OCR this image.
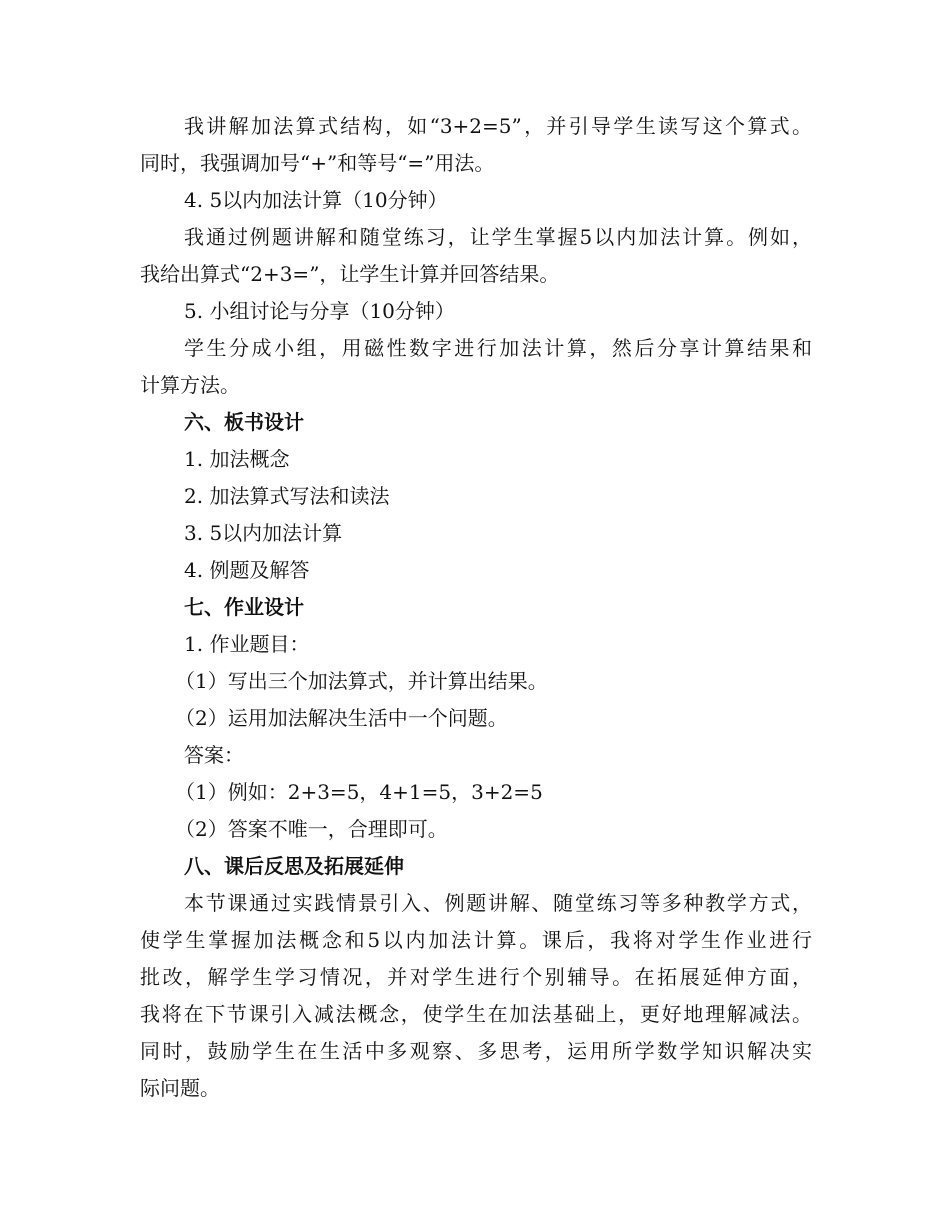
我讲解加法算式结构，如“3+2=5”，并引导学生读写这个算式。
同时，我强调加号“+”和等号“=”用法。
4. 5以内加法计算（10分钟）
我通过例题讲解和随堂练习，让学生掌握5以内加法计算。例如，
我给出算式“2+3=”，让学生计算并回答结果。
5. 小组讨论与分享（10分钟）
学生分成小组，用磁性数字进行加法计算，然后分享计算结果和
计算方法。
六、板书设计
1. 加法概念
2. 加法算式写法和读法
3. 5以内加法计算
4. 例题及解答
七、作业设计
1. 作业题目：
（1）写出三个加法算式，并计算出结果。
（2）运用加法解决生活中一个问题。
答案：
（1）例如：2+3=5，4+1=5，3+2=5
（2）答案不唯一，合理即可。
八、课后反思及拓展延伸
本节课通过实践情景引入、例题讲解、随堂练习等多种教学方式，
使学生掌握加法概念和5以内加法计算。课后，我将对学生作业进行
批改，解学生学习情况，并对学生进行个别辅导。在拓展延伸方面，
我将在下节课引入减法概念，使学生在加法基础上，更好地理解减法。
同时，鼓励学生在生活中多观察、多思考，运用所学数学知识解决实
际问题。
